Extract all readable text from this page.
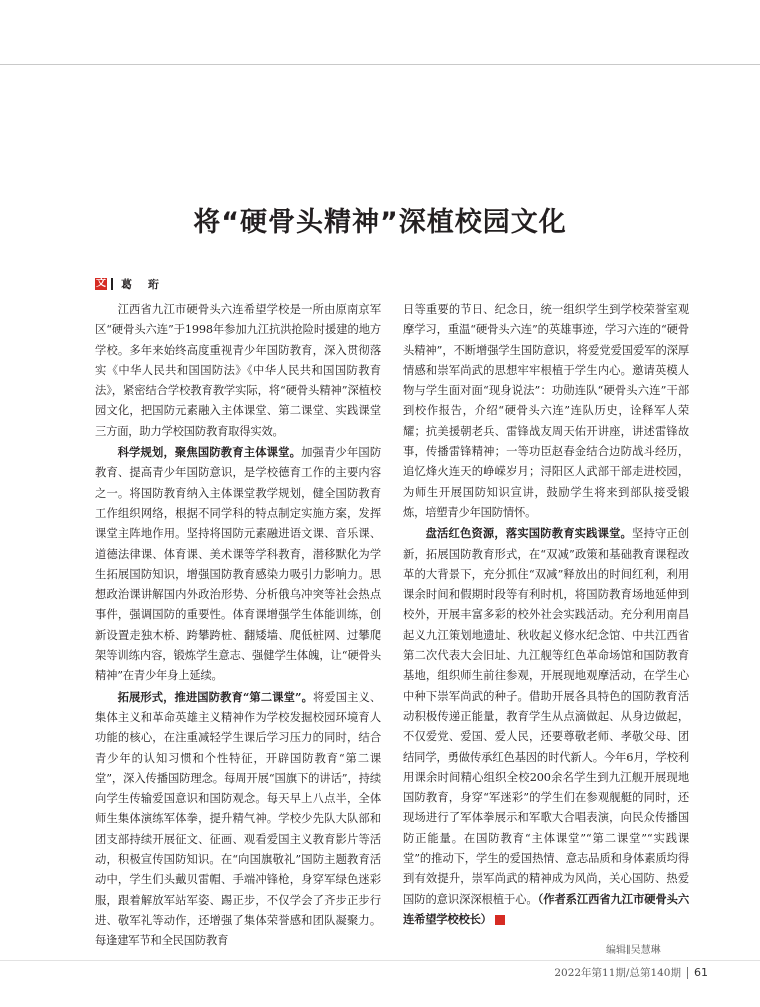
将“硬骨头精神”深植校园文化
文 葛 珩

江西省九江市硬骨头六连希望学校是一所由原南京军区“硬骨头六连”于1998年参加九江抗洪抢险时援建的地方学校。多年来始终高度重视青少年国防教育，深入贯彻落实《中华人民共和国国防法》《中华人民共和国国防教育法》，紧密结合学校教育教学实际，将“硬骨头精神”深植校园文化，把国防元素融入主体课堂、第二课堂、实践课堂三方面，助力学校国防教育取得实效。

科学规划，聚焦国防教育主体课堂。加强青少年国防教育、提高青少年国防意识，是学校德育工作的主要内容之一。将国防教育纳入主体课堂教学规划，健全国防教育工作组织网络，根据不同学科的特点制定实施方案，发挥课堂主阵地作用。坚持将国防元素融进语文课、音乐课、道德法律课、体育课、美术课等学科教育，潜移默化为学生拓展国防知识，增强国防教育感染力吸引力影响力。思想政治课讲解国内外政治形势、分析俄乌冲突等社会热点事件，强调国防的重要性。体育课增强学生体能训练，创新设置走独木桥、跨攀跨桩、翻矮墙、爬低桩网、过攀爬架等训练内容，锻炼学生意志、强健学生体魄，让“硬骨头精神”在青少年身上延续。

拓展形式，推进国防教育“第二课堂”。将爱国主义、集体主义和革命英雄主义精神作为学校发掘校园环境育人功能的核心，在注重减轻学生课后学习压力的同时，结合青少年的认知习惯和个性特征，开辟国防教育“第二课堂”，深入传播国防理念。每周开展“国旗下的讲话”，持续向学生传输爱国意识和国防观念。每天早上八点半，全体师生集体演练军体拳，提升精气神。学校少先队大队部和团支部持续开展征文、征画、观看爱国主义教育影片等活动，积极宣传国防知识。在“向国旗敬礼”国防主题教育活动中，学生们头戴贝雷帽、手端冲锋枪，身穿军绿色迷彩服，跟着解放军站军姿、踢正步，不仅学会了齐步正步行进、敬军礼等动作，还增强了集体荣誉感和团队凝聚力。每逢建军节和全民国防教育

日等重要的节日、纪念日，统一组织学生到学校荣誉室观摩学习，重温“硬骨头六连”的英雄事迹，学习六连的“硬骨头精神”，不断增强学生国防意识，将爱党爱国爱军的深厚情感和崇军尚武的思想牢牢根植于学生内心。邀请英模人物与学生面对面“现身说法”：功勋连队“硬骨头六连”干部到校作报告，介绍“硬骨头六连”连队历史，诠释军人荣耀；抗美援朝老兵、雷锋战友周天佑开讲座，讲述雷锋故事，传播雷锋精神；一等功臣赵春金结合边防战斗经历，追忆烽火连天的峥嵘岁月；浔阳区人武部干部走进校园，为师生开展国防知识宣讲，鼓励学生将来到部队接受锻炼，培塑青少年国防情怀。

盘活红色资源，落实国防教育实践课堂。坚持守正创新，拓展国防教育形式，在“双减”政策和基础教育课程改革的大背景下，充分抓住“双减”释放出的时间红利，利用课余时间和假期时段等有利时机，将国防教育场地延伸到校外，开展丰富多彩的校外社会实践活动。充分利用南昌起义九江策划地遗址、秋收起义修水纪念馆、中共江西省第二次代表大会旧址、九江舰等红色革命场馆和国防教育基地，组织师生前往参观，开展现地观摩活动，在学生心中种下崇军尚武的种子。借助开展各具特色的国防教育活动积极传递正能量，教育学生从点滴做起、从身边做起，不仅爱党、爱国、爱人民，还要尊敬老师、孝敬父母、团结同学，勇做传承红色基因的时代新人。今年6月，学校利用课余时间精心组织全校200余名学生到九江舰开展现地国防教育，身穿“军迷彩”的学生们在参观舰艇的同时，还现场进行了军体拳展示和军歌大合唱表演，向民众传播国防正能量。在国防教育“主体课堂”“第二课堂”“实践课堂”的推动下，学生的爱国热情、意志品质和身体素质均得到有效提升，崇军尚武的精神成为风尚，关心国防、热爱国防的意识深深根植于心。（作者系江西省九江市硬骨头六连希望学校校长）	G

编辑∥吴慧琳
2022年第11期/总第140期 61
